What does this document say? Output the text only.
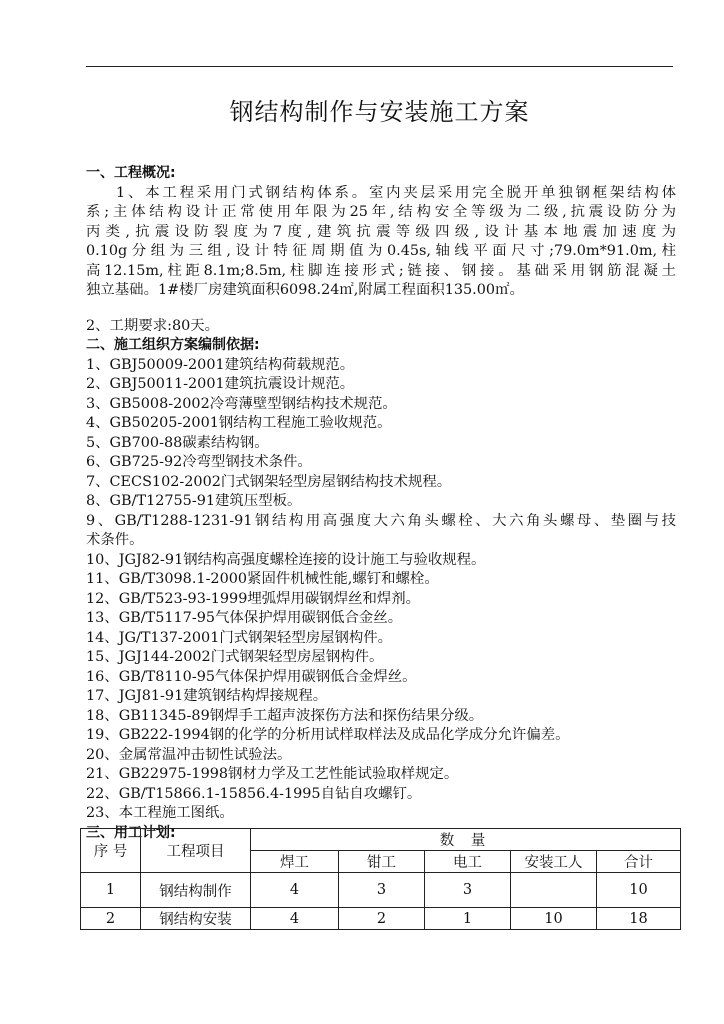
钢结构制作与安装施工方案
一、工程概况:
1、本工程采用门式钢结构体系。室内夹层采用完全脱开单独钢框架结构体
系;主体结构设计正常使用年限为25年,结构安全等级为二级,抗震设防分为
丙类,抗震设防裂度为7度,建筑抗震等级四级,设计基本地震加速度为
0.10g分组为三组,设计特征周期值为0.45s,轴线平面尺寸;79.0m*91.0m,柱
高12.15m,柱距8.1m;8.5m,柱脚连接形式;链接、钢接。基础采用钢筋混凝土
独立基础。1#楼厂房建筑面积6098.24㎡,附属工程面积135.00㎡。
2、工期要求:80天。
二、施工组织方案编制依据:
1、GBJ50009-2001建筑结构荷载规范。
2、GBJ50011-2001建筑抗震设计规范。
3、GB5008-2002冷弯薄壁型钢结构技术规范。
4、GB50205-2001钢结构工程施工验收规范。
5、GB700-88碳素结构钢。
6、GB725-92冷弯型钢技术条件。
7、CECS102-2002门式钢架轻型房屋钢结构技术规程。
8、GB/T12755-91建筑压型板。
9、GB/T1288-1231-91钢结构用高强度大六角头螺栓、大六角头螺母、垫圈与技
术条件。
10、JGJ82-91钢结构高强度螺栓连接的设计施工与验收规程。
11、GB/T3098.1-2000紧固件机械性能,螺钉和螺栓。
12、GB/T523-93-1999埋弧焊用碳钢焊丝和焊剂。
13、GB/T5117-95气体保护焊用碳钢低合金丝。
14、JG/T137-2001门式钢架轻型房屋钢构件。
15、JGJ144-2002门式钢架轻型房屋钢构件。
16、GB/T8110-95气体保护焊用碳钢低合金焊丝。
17、JGJ81-91建筑钢结构焊接规程。
18、GB11345-89钢焊手工超声波探伤方法和探伤结果分级。
19、GB222-1994钢的化学的分析用试样取样法及成品化学成分允许偏差。
20、金属常温冲击韧性试验法。
21、GB22975-1998钢材力学及工艺性能试验取样规定。
22、GB/T15866.1-15856.4-1995自钻自攻螺钉。
23、本工程施工图纸。
三、用工计划:
序 号	工程项目	数 量				
		焊工	钳工	电工	安装工人	合计
1	钢结构制作	4	3	3		10
2	钢结构安装	4	2	1	10	18
